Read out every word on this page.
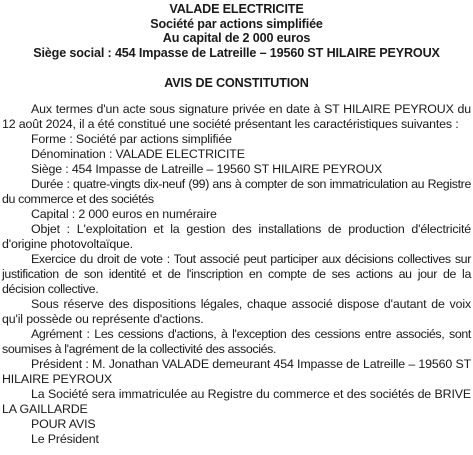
VALADE ELECTRICITE
Société par actions simplifiée
Au capital de 2 000 euros
Siège social : 454 Impasse de Latreille – 19560 ST HILAIRE PEYROUX
AVIS DE CONSTITUTION

Aux termes d'un acte sous signature privée en date à ST HILAIRE PEYROUX du 12 août 2024, il a été constitué une société présentant les caractéristiques suivantes :

Forme : Société par actions simplifiée

Dénomination : VALADE ELECTRICITE

Siège : 454 Impasse de Latreille – 19560 ST HILAIRE PEYROUX

Durée : quatre-vingts dix-neuf (99) ans à compter de son immatriculation au Registre du commerce et des sociétés

Capital : 2 000 euros en numéraire

Objet : L'exploitation et la gestion des installations de production d'électricité d'origine photovoltaïque.

Exercice du droit de vote : Tout associé peut participer aux décisions collectives sur justification de son identité et de l'inscription en compte de ses actions au jour de la décision collective.

Sous réserve des dispositions légales, chaque associé dispose d'autant de voix qu'il possède ou représente d'actions.

Agrément : Les cessions d'actions, à l'exception des cessions entre associés, sont soumises à l'agrément de la collectivité des associés.

Président : M. Jonathan VALADE demeurant 454 Impasse de Latreille – 19560 ST HILAIRE PEYROUX

La Société sera immatriculée au Registre du commerce et des sociétés de BRIVE LA GAILLARDE

POUR AVIS

Le Président
